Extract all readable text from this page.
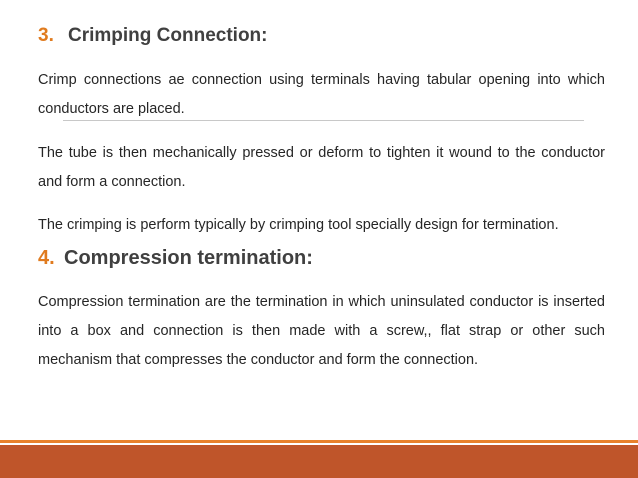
3. Crimping Connection:

Crimp connections ae connection using terminals having tabular opening into which conductors are placed.

The tube is then mechanically pressed or deform to tighten it wound to the conductor and form a connection.

The crimping is perform typically by crimping tool specially design for termination.

4. Compression termination:

Compression termination are the termination in which uninsulated conductor is inserted into a box and connection is then made with a screw,, flat strap or other such mechanism that compresses the conductor and form the connection.
